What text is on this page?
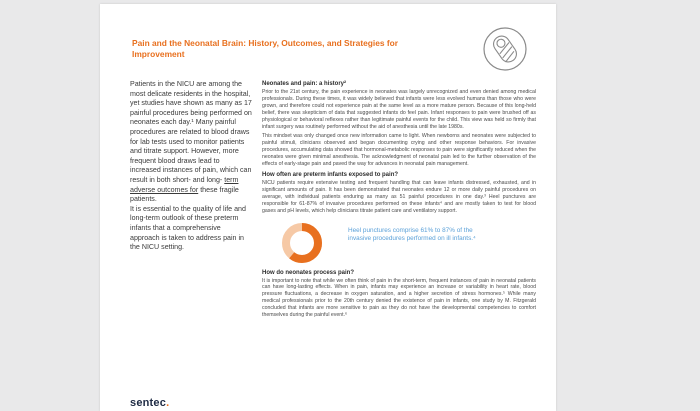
Pain and the Neonatal Brain: History, Outcomes, and Strategies for Improvement

Patients in the NICU are among the most delicate residents in the hospital, yet studies have shown as many as 17 painful procedures being performed on neonates each day.¹ Many painful procedures are related to blood draws for lab tests used to monitor patients and titrate support. However, more frequent blood draws lead to increased instances of pain, which can result in both short- and long- term adverse outcomes for these fragile patients.

It is essential to the quality of life and long-term outlook of these preterm infants that a comprehensive approach is taken to address pain in the NICU setting.

Neonates and pain: a history²

Prior to the 21st century, the pain experience in neonates was largely unrecognized and even denied among medical professionals. During these times, it was widely believed that infants were less evolved humans than those who were grown, and therefore could not experience pain at the same level as a more mature person. Because of this long-held belief, there was skepticism of data that suggested infants do feel pain. Infant responses to pain were brushed off as physiological or behavioral reflexes rather than legitimate painful events for the child. This view was held so firmly that infant surgery was routinely performed without the aid of anesthesia until the late 1980s.

This mindset was only changed once new information came to light. When newborns and neonates were subjected to painful stimuli, clinicians observed and began documenting crying and other response behaviors. For invasive procedures, accumulating data showed that hormonal-metabolic responses to pain were significantly reduced when the neonates were given minimal anesthesia. The acknowledgment of neonatal pain led to the further observation of the effects of early-stage pain and paved the way for advances in neonatal pain management.

How often are preterm infants exposed to pain?

NICU patients require extensive testing and frequent handling that can leave infants distressed, exhausted, and in significant amounts of pain. It has been demonstrated that neonates endure 12 or more daily painful procedures on average, with individual patients enduring as many as 51 painful procedures in one day.³ Heel punctures are responsible for 61-87% of invasive procedures performed on these infants⁴ and are mostly taken to test for blood gases and pH levels, which help clinicians titrate patient care and ventilatory support.

Heel punctures comprise 61% to 87% of the invasive procedures performed on ill infants.⁴
How do neonates process pain?

It is important to note that while we often think of pain in the short-term, frequent instances of pain in neonatal patients can have long-lasting effects. When in pain, infants may experience an increase or variability in heart rate, blood pressure fluctuations, a decrease in oxygen saturation, and a higher secretion of stress hormones.⁵ While many medical professionals prior to the 20th century denied the existence of pain in infants, one study by M. Fitzgerald concluded that infants are more sensitive to pain as they do not have the developmental competencies to comfort themselves during the painful event.⁶

sentec.
